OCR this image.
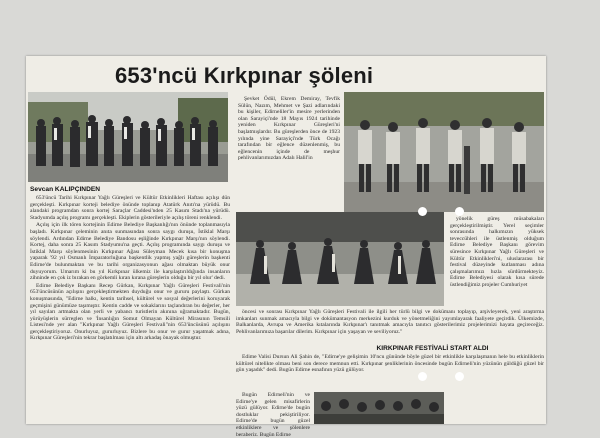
653'ncü Kırkpınar şöleni
Sevcan KALIPÇINDEN

653'üncü Tarihi Kırkpınar Yağlı Güreşleri ve Kültür Etkinlikleri Haftası açılışı dün gerçekleşti. Kırkpınar korteji belediye önünde toplanıp Atatürk Anıtı'na yürüdü. Bu alandaki programdan sonra kortej Saraçlar Caddesi'nden 25 Kasım Stadı'na yürüdü. Stadyumda açılış programı gerçekleşti. Ekiplerin gösterileriyle açılış töreni renklendi.

Açılış için ilk tören kortejinin Edirne Belediye Başkanlığı'nın önünde toplanmasıyla başladı. Kırkpınar çeleminin anıta sunmasından sonra saygı duruşu, İstiklal Marşı söylendi. Ardından Edirne Belediye Bandosu eşliğinde Kırkpınar Marşı'nın söylendi. Kortej, daha sonra 25 Kasım Stadyumu'na geçti. Açılış programında saygı duruşu ve İstiklal Marşı söylenmesinin Kırkpınar Ağası Süleyman Mecek kısa bir konuşma yaparak '92 yıl Osmanlı İmparatorluğuna başkentlik yapmış yağlı güreşlerin başkenti Edirne'de bulunmaktan ve bu tarihi organizasyonun ağası olmaktan büyük onur duyuyorum. Umarım ki bu yıl Kırkpınar ülkemiz ile karşılaştırıldığında insanların zihninde en çok iz bırakan en görkemli kıran kırana güreşlerin olduğu bir yıl olur' dedi.

Edirne Belediye Başkanı Recep Gürkan, Kırkpınar Yağlı Güreşleri Festivali'nin 653'üncüsünün açılışını gerçekleştirmekten duyduğu onur ve gururu paylaştı. Gürkan konuşmasında, "Edirne halkı, kentin tarihsel, kültürel ve sosyal değerlerini koruyarak geçmişini günümüze taşımıştır. Kentin cadde ve sokaklarını taçlandıran bu değerler, her yıl sayıları artmakta olan yerli ve yabancı turistlerin akınına uğramaktadır. Bugün, yürüyüşlerin sürreglen ve 'İnsanlığın Somut Olmayan Kültürel Mirasının Temsili Listesi'nde yer alan "Kırkpınar Yağlı Güreşleri Festivali"nin 653'üncüsünü açılışını gerçekleştiriyoruz. Onurluyuz, gururluyuz. Bizlere bu onur ve gurur yaşatmak adına, Kırkpınar Güreşleri'nin tekrar başlatılması için altı arkadaş önayak olmuştur.

Şevket Ödül, Ekrem Demiray, Tevfik Sülün, Nazım, Mehmet ve Şazi adlarındaki bu kişiler, Edirneliler'in mesire yerlerinden olan Sarayiçi'nde 18 Mayıs 1924 tarihinde yeniden Kırkpınar Güreşleri'ni başlatmışlardır. Bu güreşlerden önce de 1923 yılında yine Sarayiçi'nde Türk Ocağı tarafından bir eğlence düzenlenmiş, bu eğlencenin içinde de meşhur pehlivanlarımızdan Adalı Halil'in

yönelik güreş müsabakaları gerçekleştirilmiştir. Yerel seçimler sonrasında halkımızın yüksek teveccühleri ile üstlenmiş olduğum Edirne Belediye Başkanı görevim süresince Kırkpınar Yağlı Güreşleri ve Kültür Etkinlikleri'ni, uluslararası bir festival düzeyinde kutlanması adına çalışmalarımızı hızla sürdürmekteyiz. Edirne Belediyesi olarak kısa sürede üstlendiğimiz projeler Cumhuriyet

öncesi ve sonrası Kırkpınar Yağlı Güreşleri Festivali ile ilgili her türlü bilgi ve dokümanı toplayıp, arşivleyerek, yeni araştırma imkanları sunmak amacıyla bilgi ve dokümantasyon merkezini kurduk ve yönetmeliğini yayımlayarak faaliyete geçirdik. Ülkemizde, Balkanlarda, Avrupa ve Amerika kıtalarında Kırkpınar'ı tanıtmak amacıyla tanıtıcı gösterilerimiz projelerimizi hayata geçireceğiz. Pehlivanlarımıza başarılar dilerim. Kırkpınar için yaşayan ve seviliyoruz."

KIRKPINAR FESTİVALİ START ALDI

Edime Valisi Dursun Ali Şahin de, "Edirne'ye gelişimin 10'ncu gününde böyle güzel bir etkinlikle karşılaşmanın hele bu etkinliklerin kültürel nitelikte olması beni son derece memnun etti. Kırkpınar şenliklerinin öncesinde bugün Edirneli'nin yüzünün güldüğü güzel bir gün yaşadık" dedi. Bugün Edirne esnafının yüzü gülüyor.

Bugün Edirneli'nin ve Edirne'ye gelen misafirlerin yüzü gülüyor. Edirne'de bugün dostluklar pekiştiriliyor. Edirne'de bugün güzel etkinliklere ve şölenlere beraberiz. Bugün Edirne
